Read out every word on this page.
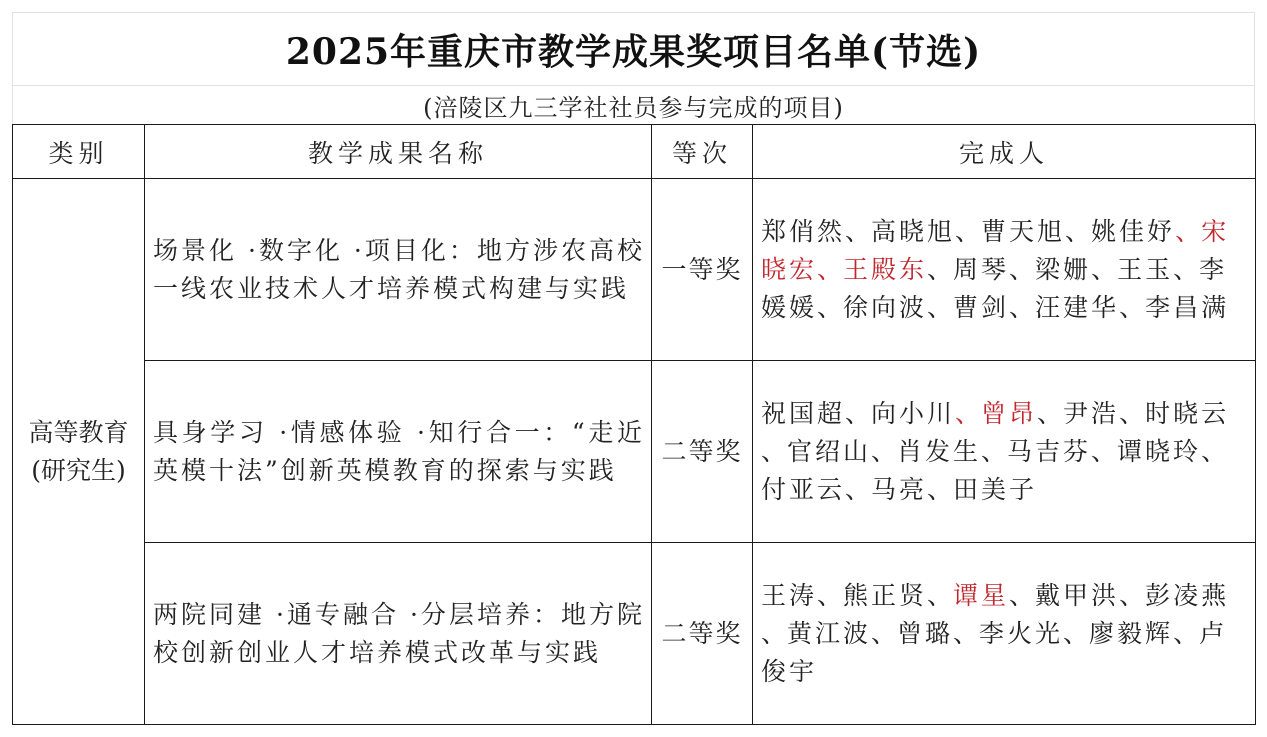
2025年重庆市教学成果奖项目名单(节选)
(涪陵区九三学社社员参与完成的项目)
类别	教学成果名称	等次	完成人
高等教育
(研究生)	场景化 ·数字化 ·项目化：地方涉农高校一线农业技术人才培养模式构建与实践	一等奖	郑俏然、高晓旭、曹天旭、姚佳妤、宋晓宏、王殿东、周琴、梁姗、王玉、李媛媛、徐向波、曹剑、汪建华、李昌满
	具身学习 ·情感体验 ·知行合一：“走近英模十法”创新英模教育的探索与实践	二等奖	祝国超、向小川、曾昂、尹浩、时晓云、官绍山、肖发生、马吉芬、谭晓玲、付亚云、马亮、田美子
	两院同建 ·通专融合 ·分层培养：地方院校创新创业人才培养模式改革与实践	二等奖	王涛、熊正贤、谭星、戴甲洪、彭凌燕、黄江波、曾璐、李火光、廖毅辉、卢俊宇
